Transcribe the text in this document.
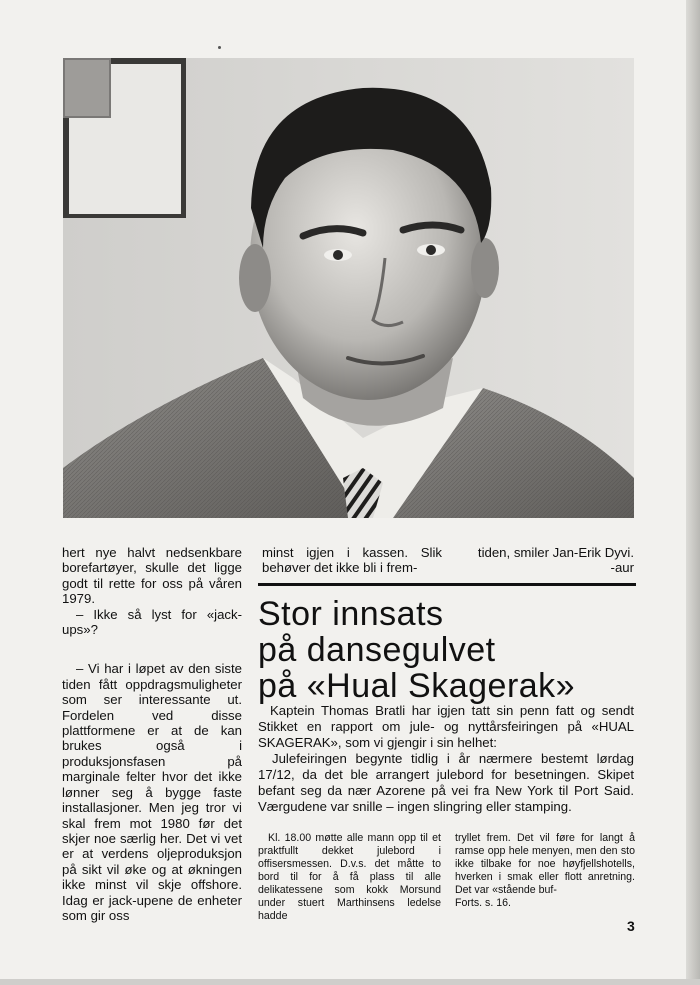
hert nye halvt nedsenkbare borefartøyer, skulle det ligge godt til rette for oss på våren 1979.

– Ikke så lyst for «jack-ups»?

– Vi har i løpet av den siste tiden fått oppdragsmuligheter som ser interessante ut. Fordelen ved disse plattformene er at de kan brukes også i produksjonsfasen på marginale felter hvor det ikke lønner seg å bygge faste installasjoner. Men jeg tror vi skal frem mot 1980 før det skjer noe særlig her. Det vi vet er at verdens oljeproduksjon på sikt vil øke og at økningen ikke minst vil skje offshore. Idag er jack-upene de enheter som gir oss

minst igjen i kassen. Slik behøver det ikke bli i frem-

tiden, smiler Jan-Erik Dyvi.

-aur

Stor innsats
på dansegulvet
på «Hual Skagerak»

Kaptein Thomas Bratli har igjen tatt sin penn fatt og sendt Stikket en rapport om jule- og nyttårsfeiringen på «HUAL SKAGERAK», som vi gjengir i sin helhet:

Julefeiringen begynte tidlig i år nærmere bestemt lørdag 17/12, da det ble arrangert julebord for besetningen. Skipet befant seg da nær Azorene på vei fra New York til Port Said. Værgudene var snille – ingen slingring eller stamping.

Kl. 18.00 møtte alle mann opp til et praktfullt dekket julebord i offisersmessen. D.v.s. det måtte to bord til for å få plass til alle delikatessene som kokk Morsund under stuert Marthinsens ledelse hadde

tryllet frem. Det vil føre for langt å ramse opp hele menyen, men den sto ikke tilbake for noe høyfjellshotells, hverken i smak eller flott anretning. Det var «stående buf-

Forts. s. 16.

3
